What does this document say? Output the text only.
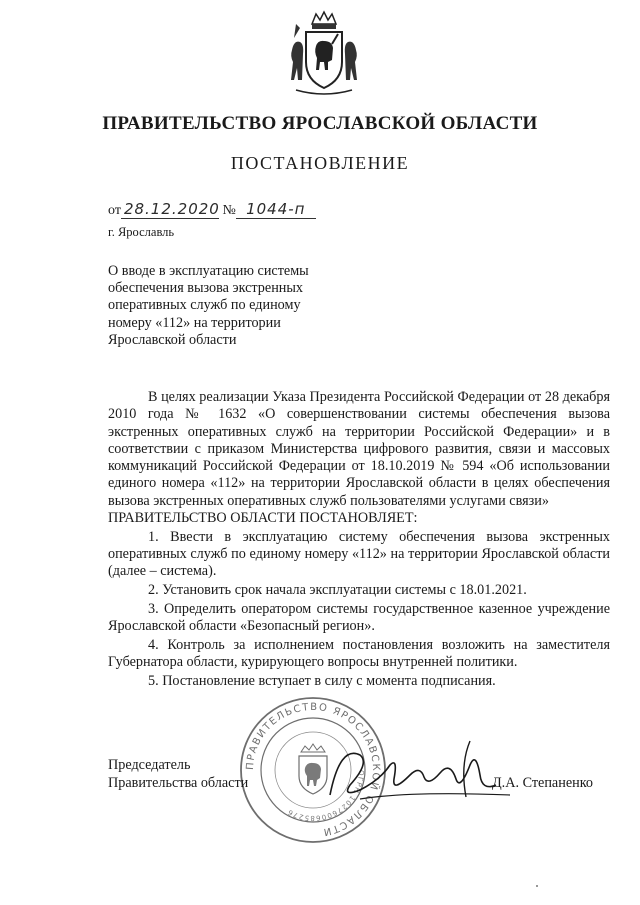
ПРАВИТЕЛЬСТВО ЯРОСЛАВСКОЙ ОБЛАСТИ
ПОСТАНОВЛЕНИЕ
от 28.12.2020 № 1044-п
г. Ярославль
О вводе в эксплуатацию системы
обеспечения вызова экстренных
оперативных служб по единому
номеру «112» на территории
Ярославской области

В целях реализации Указа Президента Российской Федерации от 28 декабря 2010 года № 1632 «О совершенствовании системы обеспечения вызова экстренных оперативных служб на территории Российской Федерации» и в соответствии с приказом Министерства цифрового развития, связи и массовых коммуникаций Российской Федерации от 18.10.2019 № 594 «Об использовании единого номера «112» на территории Ярославской области в целях обеспечения вызова экстренных оперативных служб пользователями услугами связи»

ПРАВИТЕЛЬСТВО ОБЛАСТИ ПОСТАНОВЛЯЕТ:

1. Ввести в эксплуатацию систему обеспечения вызова экстренных оперативных служб по единому номеру «112» на территории Ярославской области (далее – система).

2. Установить срок начала эксплуатации системы с 18.01.2021.

3. Определить оператором системы государственное казенное учреждение Ярославской области «Безопасный регион».

4. Контроль за исполнением постановления возложить на заместителя Губернатора области, курирующего вопросы внутренней политики.

5. Постановление вступает в силу с момента подписания.

ПРАВИТЕЛЬСТВО ЯРОСЛАВСКОЙ ОБЛАСТИ
ОГРН 1027600685276
Председатель
Правительства области	Д.А. Степаненко
